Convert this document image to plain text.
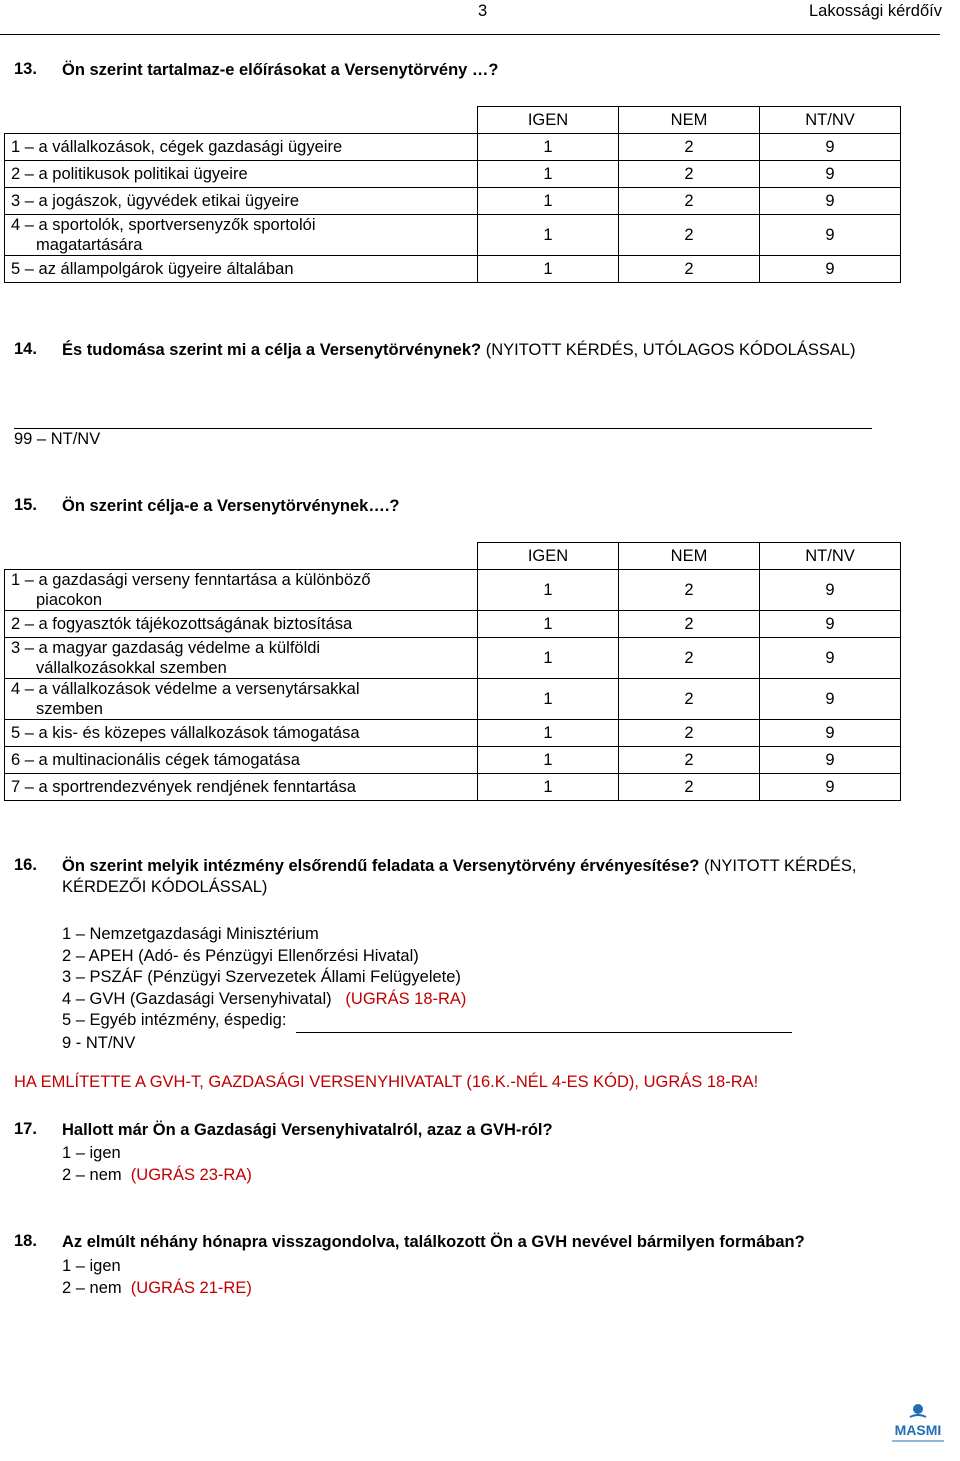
3	Lakossági kérdőív
13. Ön szerint tartalmaz-e előírásokat a Versenytörvény …?
	IGEN	NEM	NT/NV
1 – a vállalkozások, cégek gazdasági ügyeire	1	2	9
2 – a politikusok politikai ügyeire	1	2	9
3 – a jogászok, ügyvédek etikai ügyeire	1	2	9
4 – a sportolók, sportversenyzők sportolói
magatartására	1	2	9
5 – az állampolgárok ügyeire általában	1	2	9
14. És tudomása szerint mi a célja a Versenytörvénynek? (NYITOTT KÉRDÉS, UTÓLAGOS KÓDOLÁSSAL)
99 – NT/NV
15. Ön szerint célja-e a Versenytörvénynek….?
	IGEN	NEM	NT/NV
1 – a gazdasági verseny fenntartása a különböző
piacokon	1	2	9
2 – a fogyasztók tájékozottságának biztosítása	1	2	9
3 – a magyar gazdaság védelme a külföldi
vállalkozásokkal szemben	1	2	9
4 – a vállalkozások védelme a versenytársakkal
szemben	1	2	9
5 – a kis- és közepes vállalkozások támogatása	1	2	9
6 – a multinacionális cégek támogatása	1	2	9
7 – a sportrendezvények rendjének fenntartása	1	2	9
16. Ön szerint melyik intézmény elsőrendű feladata a Versenytörvény érvényesítése? (NYITOTT KÉRDÉS, KÉRDEZŐI KÓDOLÁSSAL)
1 – Nemzetgazdasági Minisztérium
2 – APEH (Adó- és Pénzügyi Ellenőrzési Hivatal)
3 – PSZÁF (Pénzügyi Szervezetek Állami Felügyelete)
4 – GVH (Gazdasági Versenyhivatal) (UGRÁS 18-RA)
5 – Egyéb intézmény, éspedig:
9 - NT/NV
HA EMLÍTETTE A GVH-T, GAZDASÁGI VERSENYHIVATALT (16.K.-NÉL 4-ES KÓD), UGRÁS 18-RA!
17. Hallott már Ön a Gazdasági Versenyhivatalról, azaz a GVH-ról?
1 – igen
2 – nem (UGRÁS 23-RA)
18. Az elmúlt néhány hónapra visszagondolva, találkozott Ön a GVH nevével bármilyen formában?
1 – igen
2 – nem (UGRÁS 21-RE)
MASMI
